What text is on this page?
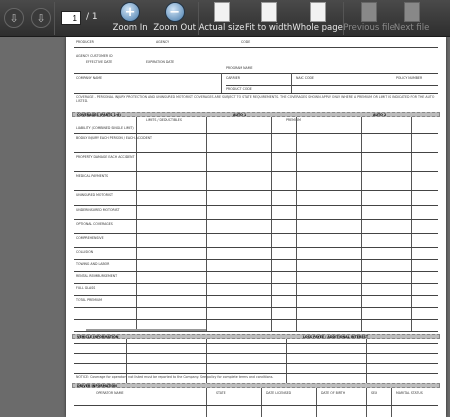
⇩	⇩
1	/ 1	+
Zoom In
−
Zoom Out Actual size Fit to width Whole page Previous file
Next file
PRODUCER	AGENCY	CODE
AGENCY CUSTOMER ID
EFFECTIVE DATE	EXPIRATION DATE
PROGRAM NAME
COMPANY NAME	CARRIER	NAIC CODE	POLICY NUMBER
PRODUCT CODE
COVERAGE - PERSONAL INJURY PROTECTION AND UNINSURED MOTORIST COVERAGES ARE SUBJECT TO STATE REQUIREMENTS. THE COVERAGES SHOWN APPLY ONLY WHERE A PREMIUM OR LIMIT IS INDICATED FOR THE AUTO LISTED.
COVERAGES (PARTS 1-6)	AUTO 1	AUTO 2
LIMITS / DEDUCTIBLES	PREMIUM
LIABILITY (COMBINED SINGLE LIMIT)
BODILY INJURY EACH PERSON / EACH ACCIDENT
PROPERTY DAMAGE EACH ACCIDENT
MEDICAL PAYMENTS
UNINSURED MOTORIST
UNDERINSURED MOTORIST
OPTIONAL COVERAGES
COMPREHENSIVE
COLLISION
TOWING AND LABOR
RENTAL REIMBURSEMENT
FULL GLASS
TOTAL PREMIUM
VEHICLE INFORMATION	LOSS PAYEE / ADDITIONAL INTEREST
NOTICE: Coverage for operators not listed must be reported to the Company. See policy for complete terms and conditions.
DRIVER INFORMATION
OPERATOR NAME	STATE	DATE LICENSED	DATE OF BIRTH	SEX	MARITAL STATUS
